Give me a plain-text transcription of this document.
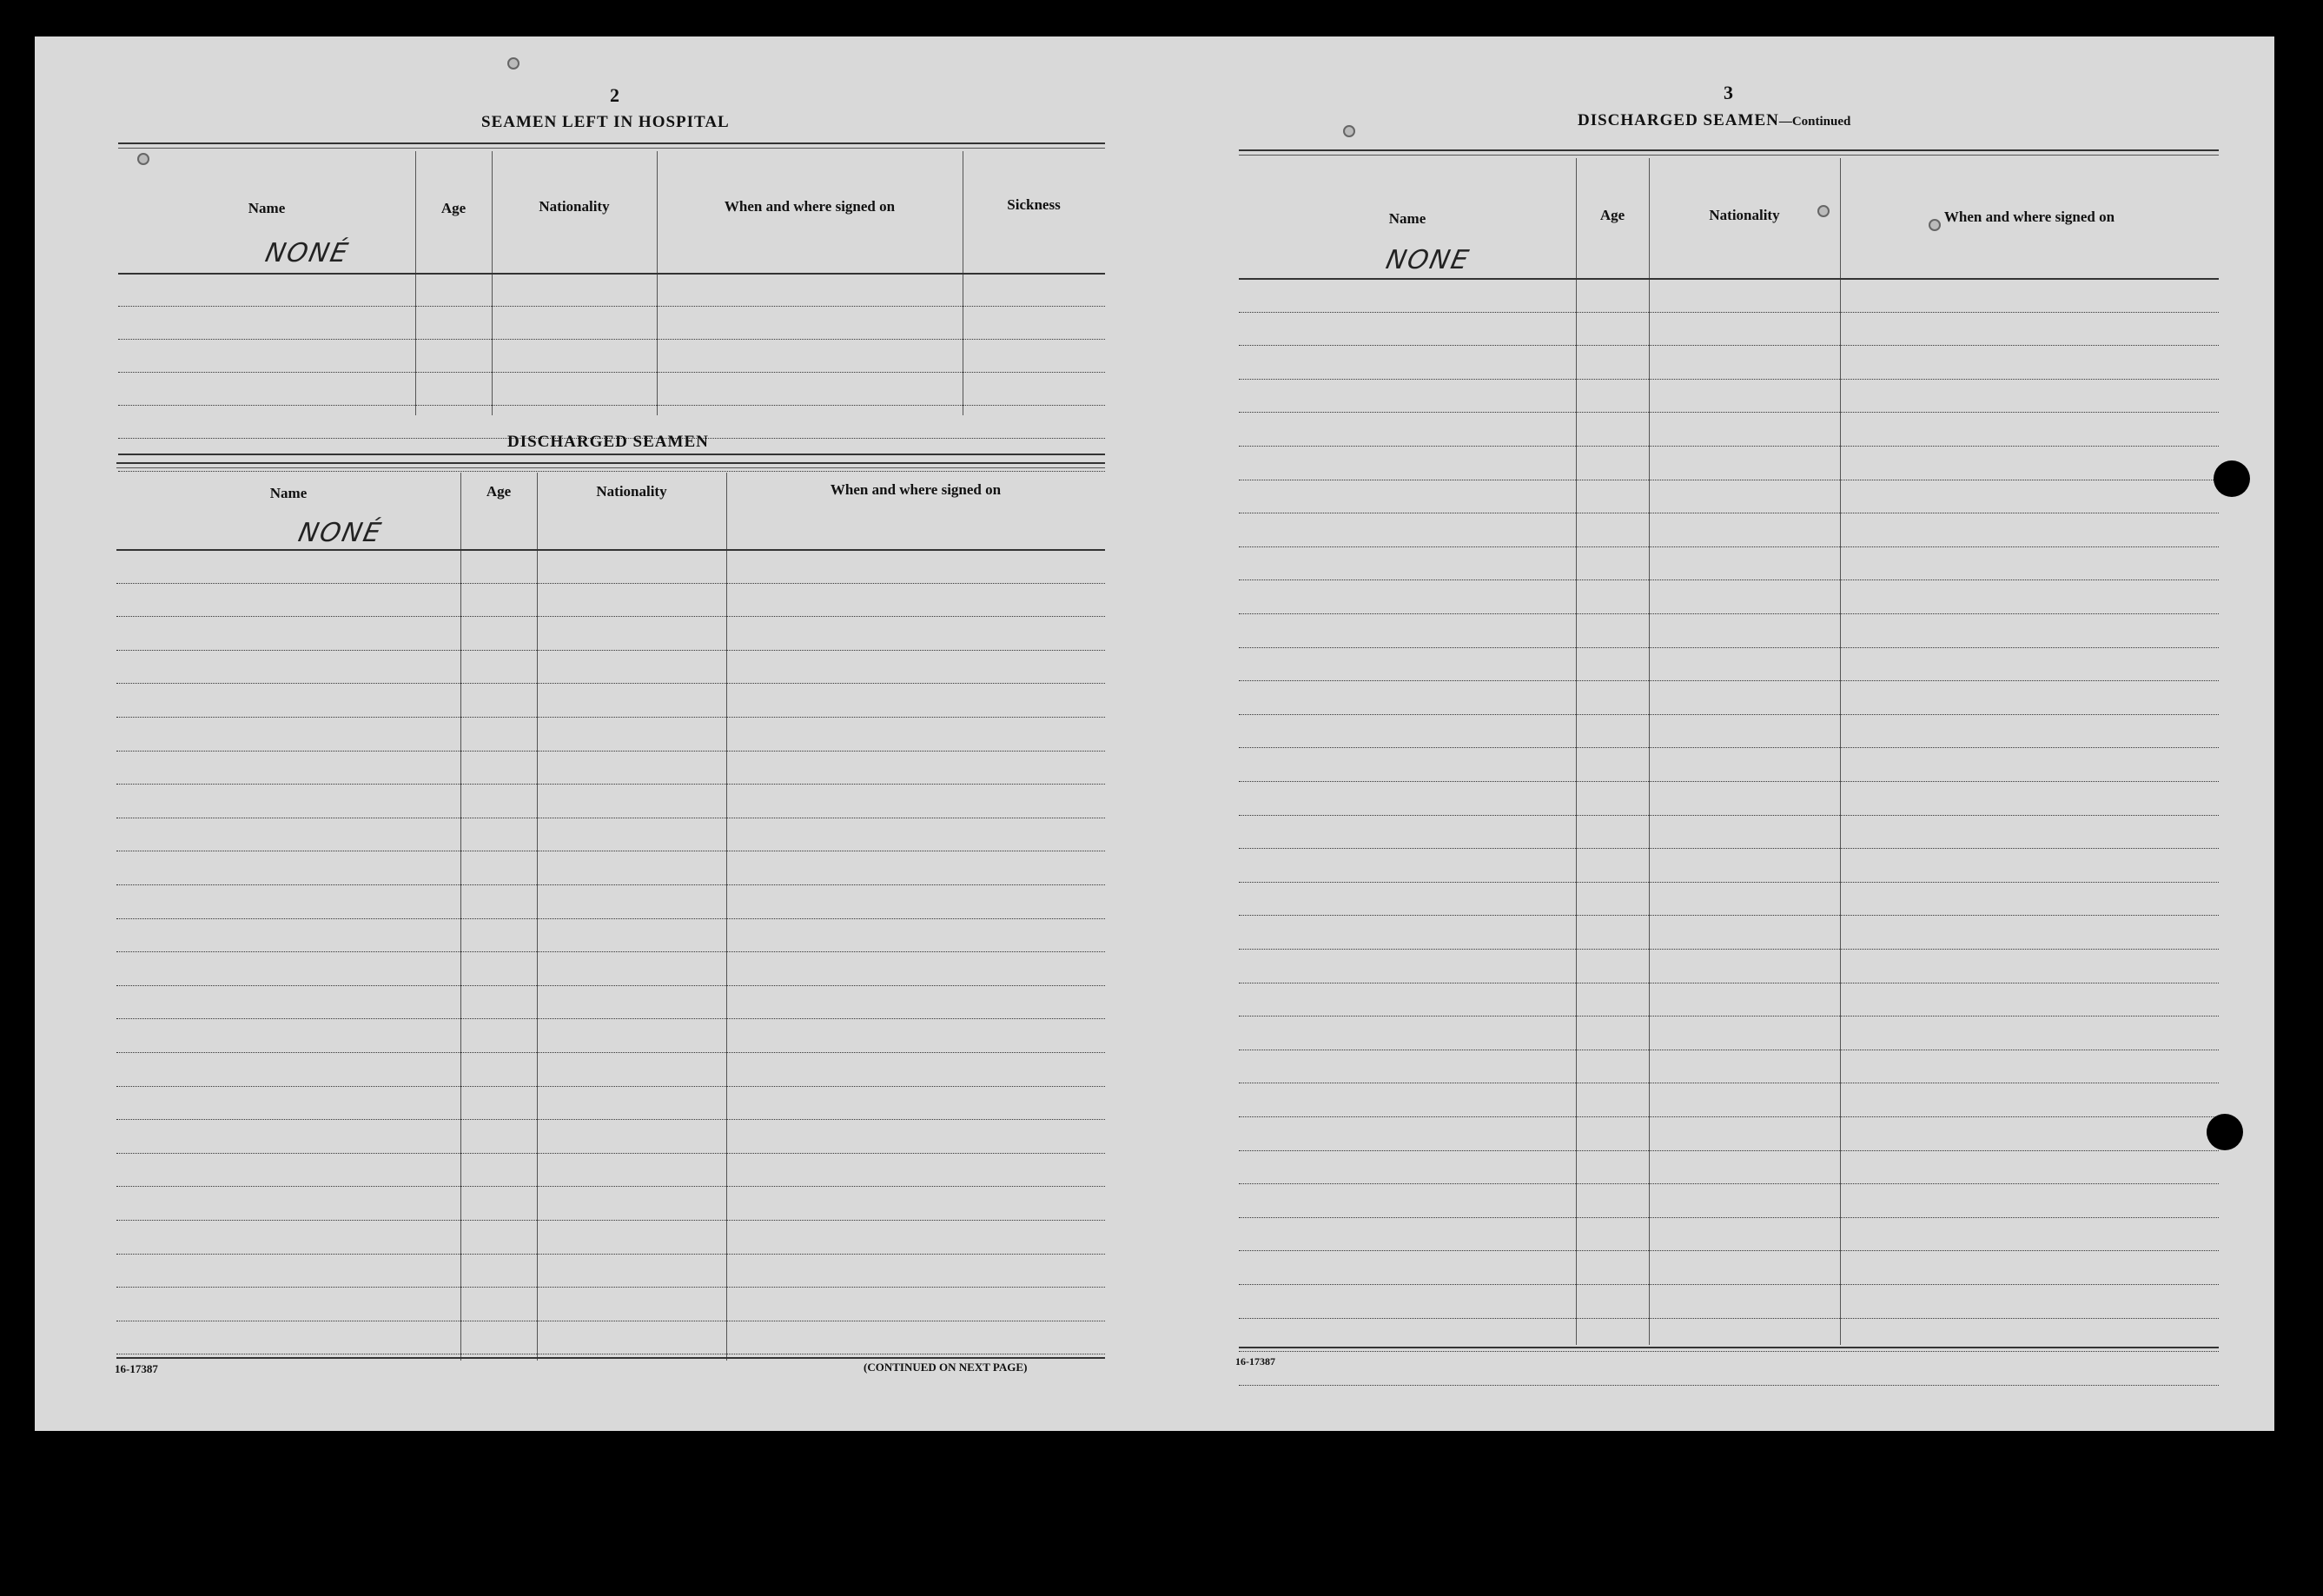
2
SEAMEN LEFT IN HOSPITAL
Name	Age	Nationality	When and where signed on	Sickness
NONÉ
DISCHARGED SEAMEN
Name	Age	Nationality	When and where signed on
NONÉ
16-17387	(CONTINUED ON NEXT PAGE)
3
DISCHARGED SEAMEN—Continued
Name	Age	Nationality	When and where signed on
NONE
16-17387
